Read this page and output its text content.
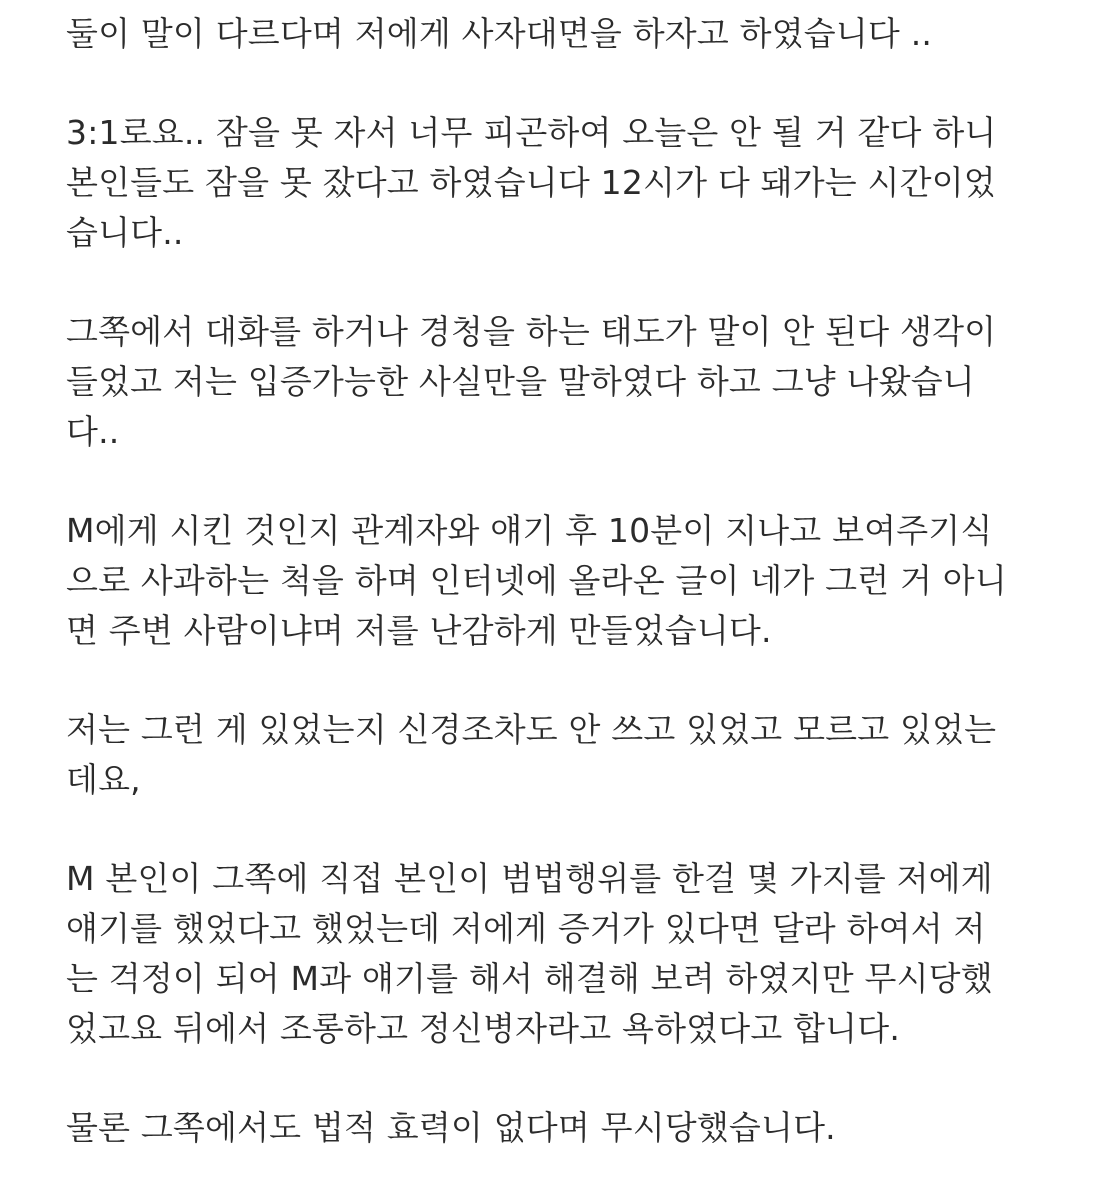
둘이 말이 다르다며 저에게 사자대면을 하자고 하였습니다 ..
3:1로요.. 잠을 못 자서 너무 피곤하여 오늘은 안 될 거 같다 하니
본인들도 잠을 못 잤다고 하였습니다 12시가 다 돼가는 시간이었
습니다..
그쪽에서 대화를 하거나 경청을 하는 태도가 말이 안 된다 생각이
들었고 저는 입증가능한 사실만을 말하였다 하고 그냥 나왔습니
다..
M에게 시킨 것인지 관계자와 얘기 후 10분이 지나고 보여주기식
으로 사과하는 척을 하며 인터넷에 올라온 글이 네가 그런 거 아니
면 주변 사람이냐며 저를 난감하게 만들었습니다.
저는 그런 게 있었는지 신경조차도 안 쓰고 있었고 모르고 있었는
데요,
M 본인이 그쪽에 직접 본인이 범법행위를 한걸 몇 가지를 저에게
얘기를 했었다고 했었는데 저에게 증거가 있다면 달라 하여서 저
는 걱정이 되어 M과 얘기를 해서 해결해 보려 하였지만 무시당했
었고요 뒤에서 조롱하고 정신병자라고 욕하였다고 합니다.
물론 그쪽에서도 법적 효력이 없다며 무시당했습니다.
